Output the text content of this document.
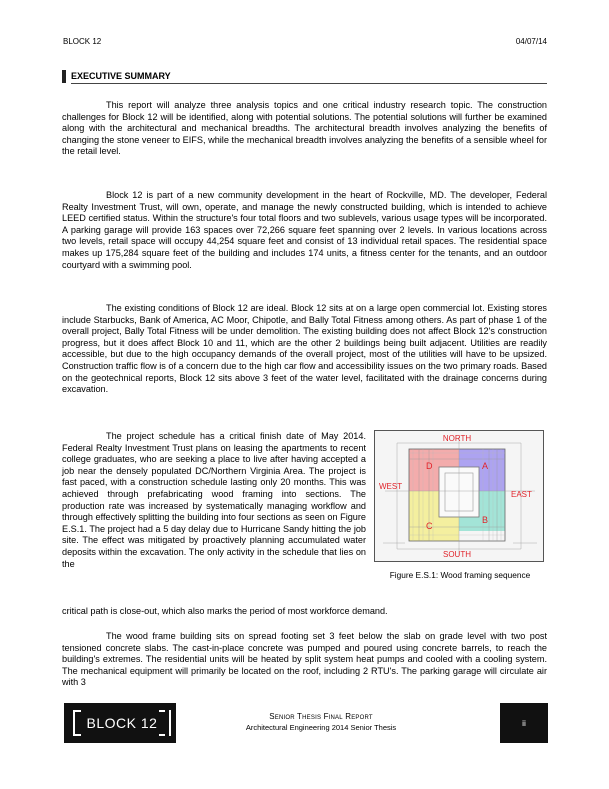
BLOCK 12	04/07/14
EXECUTIVE SUMMARY

This report will analyze three analysis topics and one critical industry research topic. The construction challenges for Block 12 will be identified, along with potential solutions. The potential solutions will further be examined along with the architectural and mechanical breadths. The architectural breadth involves analyzing the benefits of changing the stone veneer to EIFS, while the mechanical breadth involves analyzing the benefits of a sensible wheel for the retail level.

Block 12 is part of a new community development in the heart of Rockville, MD. The developer, Federal Realty Investment Trust, will own, operate, and manage the newly constructed building, which is intended to achieve LEED certified status. Within the structure's four total floors and two sublevels, various usage types will be incorporated. A parking garage will provide 163 spaces over 72,266 square feet spanning over 2 levels. In various locations across two levels, retail space will occupy 44,254 square feet and consist of 13 individual retail spaces. The residential space makes up 175,284 square feet of the building and includes 174 units, a fitness center for the tenants, and an outdoor courtyard with a swimming pool.

The existing conditions of Block 12 are ideal. Block 12 sits at on a large open commercial lot. Existing stores include Starbucks, Bank of America, AC Moor, Chipotle, and Bally Total Fitness among others. As part of phase 1 of the overall project, Bally Total Fitness will be under demolition. The existing building does not affect Block 12's construction progress, but it does affect Block 10 and 11, which are the other 2 buildings being built adjacent. Utilities are readily accessible, but due to the high occupancy demands of the overall project, most of the utilities will have to be upsized. Construction traffic flow is of a concern due to the high car flow and accessibility issues on the two primary roads. Based on the geotechnical reports, Block 12 sits above 3 feet of the water level, facilitated with the drainage concerns during excavation.

The project schedule has a critical finish date of May 2014. Federal Realty Investment Trust plans on leasing the apartments to recent college graduates, who are seeking a place to live after having accepted a job near the densely populated DC/Northern Virginia Area. The project is fast paced, with a construction schedule lasting only 20 months. This was achieved through prefabricating wood framing into sections. The production rate was increased by systematically managing workflow and through effectively splitting the building into four sections as seen on Figure E.S.1. The project had a 5 day delay due to Hurricane Sandy hitting the job site. The effect was mitigated by proactively planning accumulated water deposits within the excavation. The only activity in the schedule that lies on the

critical path is close-out, which also marks the period of most workforce demand.

The wood frame building sits on spread footing set 3 feet below the slab on grade level with two post tensioned concrete slabs. The cast-in-place concrete was pumped and poured using concrete barrels, to reach the building's extremes. The residential units will be heated by split system heat pumps and cooled with a cooling system. The mechanical equipment will primarily be located on the roof, including 2 RTU's. The parking garage will circulate air with 3

NORTH
SOUTH
WEST
EAST
D	A
C
B
Figure E.S.1: Wood framing sequence
BLOCK 12	Senior Thesis Final Report
Architectural Engineering 2014 Senior Thesis	ii
